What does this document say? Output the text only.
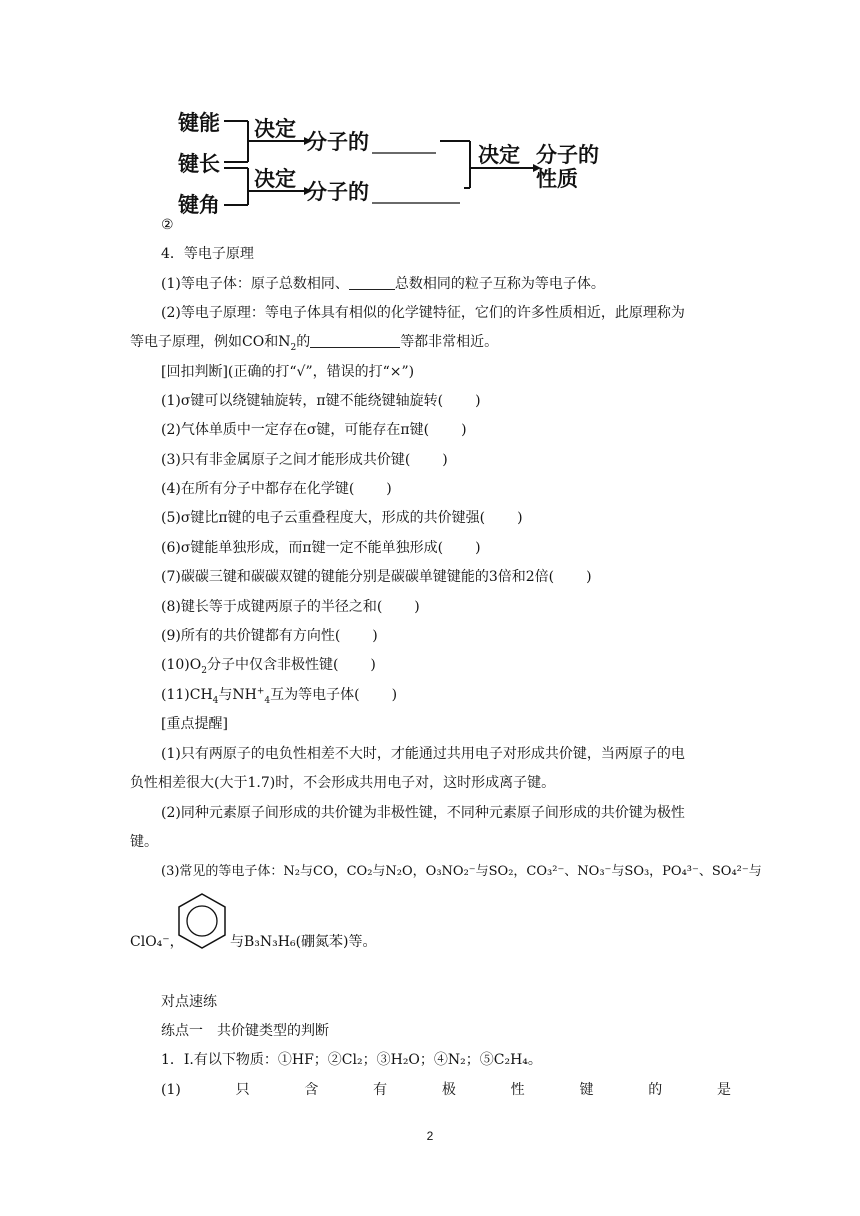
键能
键长
键角
决定
分子的
决定
分子的
决定 分子的
性质
②
4．等电子原理
(1)等电子体：原子总数相同、	总数相同的粒子互称为等电子体。
(2)等电子原理：等电子体具有相似的化学键特征，它们的许多性质相近，此原理称为
等电子原理，例如CO和$N_2$的	等都非常相近。
[回扣判断](正确的打“√”，错误的打“×”)
(1)σ键可以绕键轴旋转，π键不能绕键轴旋转( )
(2)气体单质中一定存在σ键，可能存在π键( )
(3)只有非金属原子之间才能形成共价键( )
(4)在所有分子中都存在化学键( )
(5)σ键比π键的电子云重叠程度大，形成的共价键强( )
(6)σ键能单独形成，而π键一定不能单独形成( )
(7)碳碳三键和碳碳双键的键能分别是碳碳单键键能的3倍和2倍( )
(8)键长等于成键两原子的半径之和( )
(9)所有的共价键都有方向性( )
$(10)O_2$分子中仅含非极性键( )
$(11)CH_4$与$NH^+_4$互为等电子体( )
[重点提醒]
(1)只有两原子的电负性相差不大时，才能通过共用电子对形成共价键，当两原子的电
负性相差很大(大于1.7)时，不会形成共用电子对，这时形成离子键。
(2)同种元素原子间形成的共价键为非极性键，不同种元素原子间形成的共价键为极性
键。
(3)常见的等电子体：N₂与CO，CO₂与N₂O，O₃NO₂⁻与SO₂，CO₃²⁻、NO₃⁻与SO₃，PO₄³⁻、SO₄²⁻与
ClO₄⁻，	与B₃N₃H₆(硼氮苯)等。
对点速练
练点一　共价键类型的判断
1．Ⅰ.有以下物质：①HF；②Cl₂；③H₂O；④N₂；⑤C₂H₄。
(1)	只	含	有	极	性	键	的	是
2
